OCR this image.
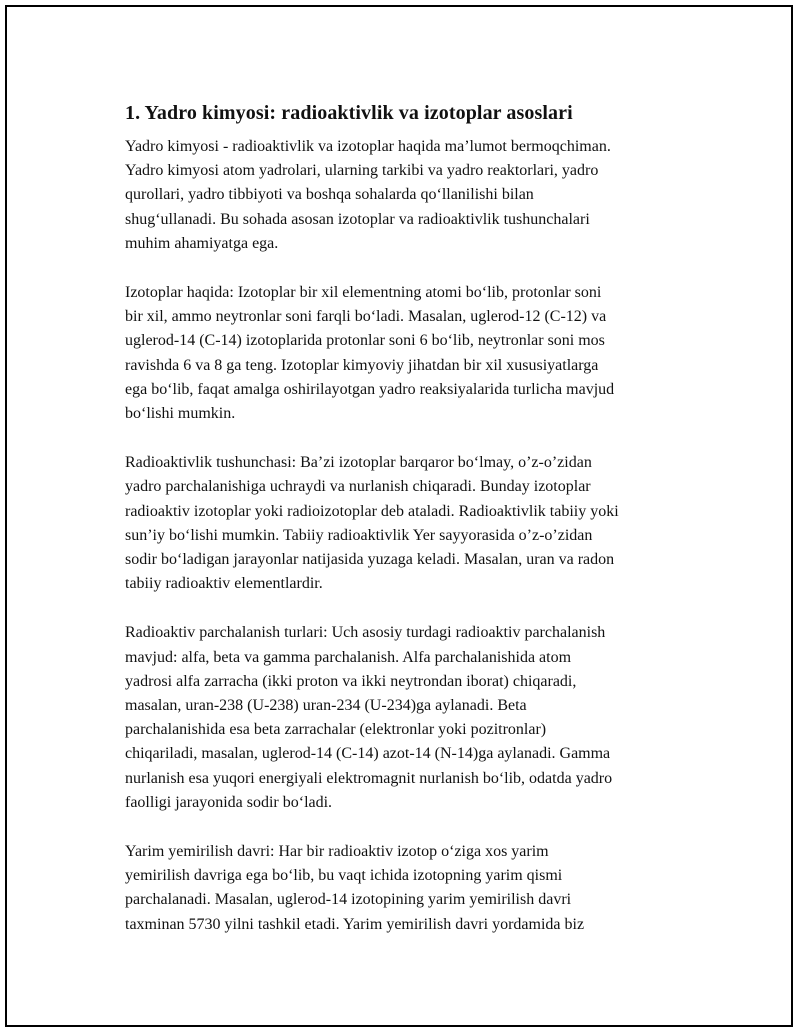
1. Yadro kimyosi: radioaktivlik va izotoplar asoslari

Yadro kimyosi - radioaktivlik va izotoplar haqida ma’lumot bermoqchiman.
Yadro kimyosi atom yadrolari, ularning tarkibi va yadro reaktorlari, yadro
qurollari, yadro tibbiyoti va boshqa sohalarda qo‘llanilishi bilan
shug‘ullanadi. Bu sohada asosan izotoplar va radioaktivlik tushunchalari
muhim ahamiyatga ega.

Izotoplar haqida: Izotoplar bir xil elementning atomi bo‘lib, protonlar soni
bir xil, ammo neytronlar soni farqli bo‘ladi. Masalan, uglerod-12 (C-12) va
uglerod-14 (C-14) izotoplarida protonlar soni 6 bo‘lib, neytronlar soni mos
ravishda 6 va 8 ga teng. Izotoplar kimyoviy jihatdan bir xil xususiyatlarga
ega bo‘lib, faqat amalga oshirilayotgan yadro reaksiyalarida turlicha mavjud
bo‘lishi mumkin.

Radioaktivlik tushunchasi: Ba’zi izotoplar barqaror bo‘lmay, o’z-o’zidan
yadro parchalanishiga uchraydi va nurlanish chiqaradi. Bunday izotoplar
radioaktiv izotoplar yoki radioizotoplar deb ataladi. Radioaktivlik tabiiy yoki
sun’iy bo‘lishi mumkin. Tabiiy radioaktivlik Yer sayyorasida o’z-o’zidan
sodir bo‘ladigan jarayonlar natijasida yuzaga keladi. Masalan, uran va radon
tabiiy radioaktiv elementlardir.

Radioaktiv parchalanish turlari: Uch asosiy turdagi radioaktiv parchalanish
mavjud: alfa, beta va gamma parchalanish. Alfa parchalanishida atom
yadrosi alfa zarracha (ikki proton va ikki neytrondan iborat) chiqaradi,
masalan, uran-238 (U-238) uran-234 (U-234)ga aylanadi. Beta
parchalanishida esa beta zarrachalar (elektronlar yoki pozitronlar)
chiqariladi, masalan, uglerod-14 (C-14) azot-14 (N-14)ga aylanadi. Gamma
nurlanish esa yuqori energiyali elektromagnit nurlanish bo‘lib, odatda yadro
faolligi jarayonida sodir bo‘ladi.

Yarim yemirilish davri: Har bir radioaktiv izotop o‘ziga xos yarim
yemirilish davriga ega bo‘lib, bu vaqt ichida izotopning yarim qismi
parchalanadi. Masalan, uglerod-14 izotopining yarim yemirilish davri
taxminan 5730 yilni tashkil etadi. Yarim yemirilish davri yordamida biz
